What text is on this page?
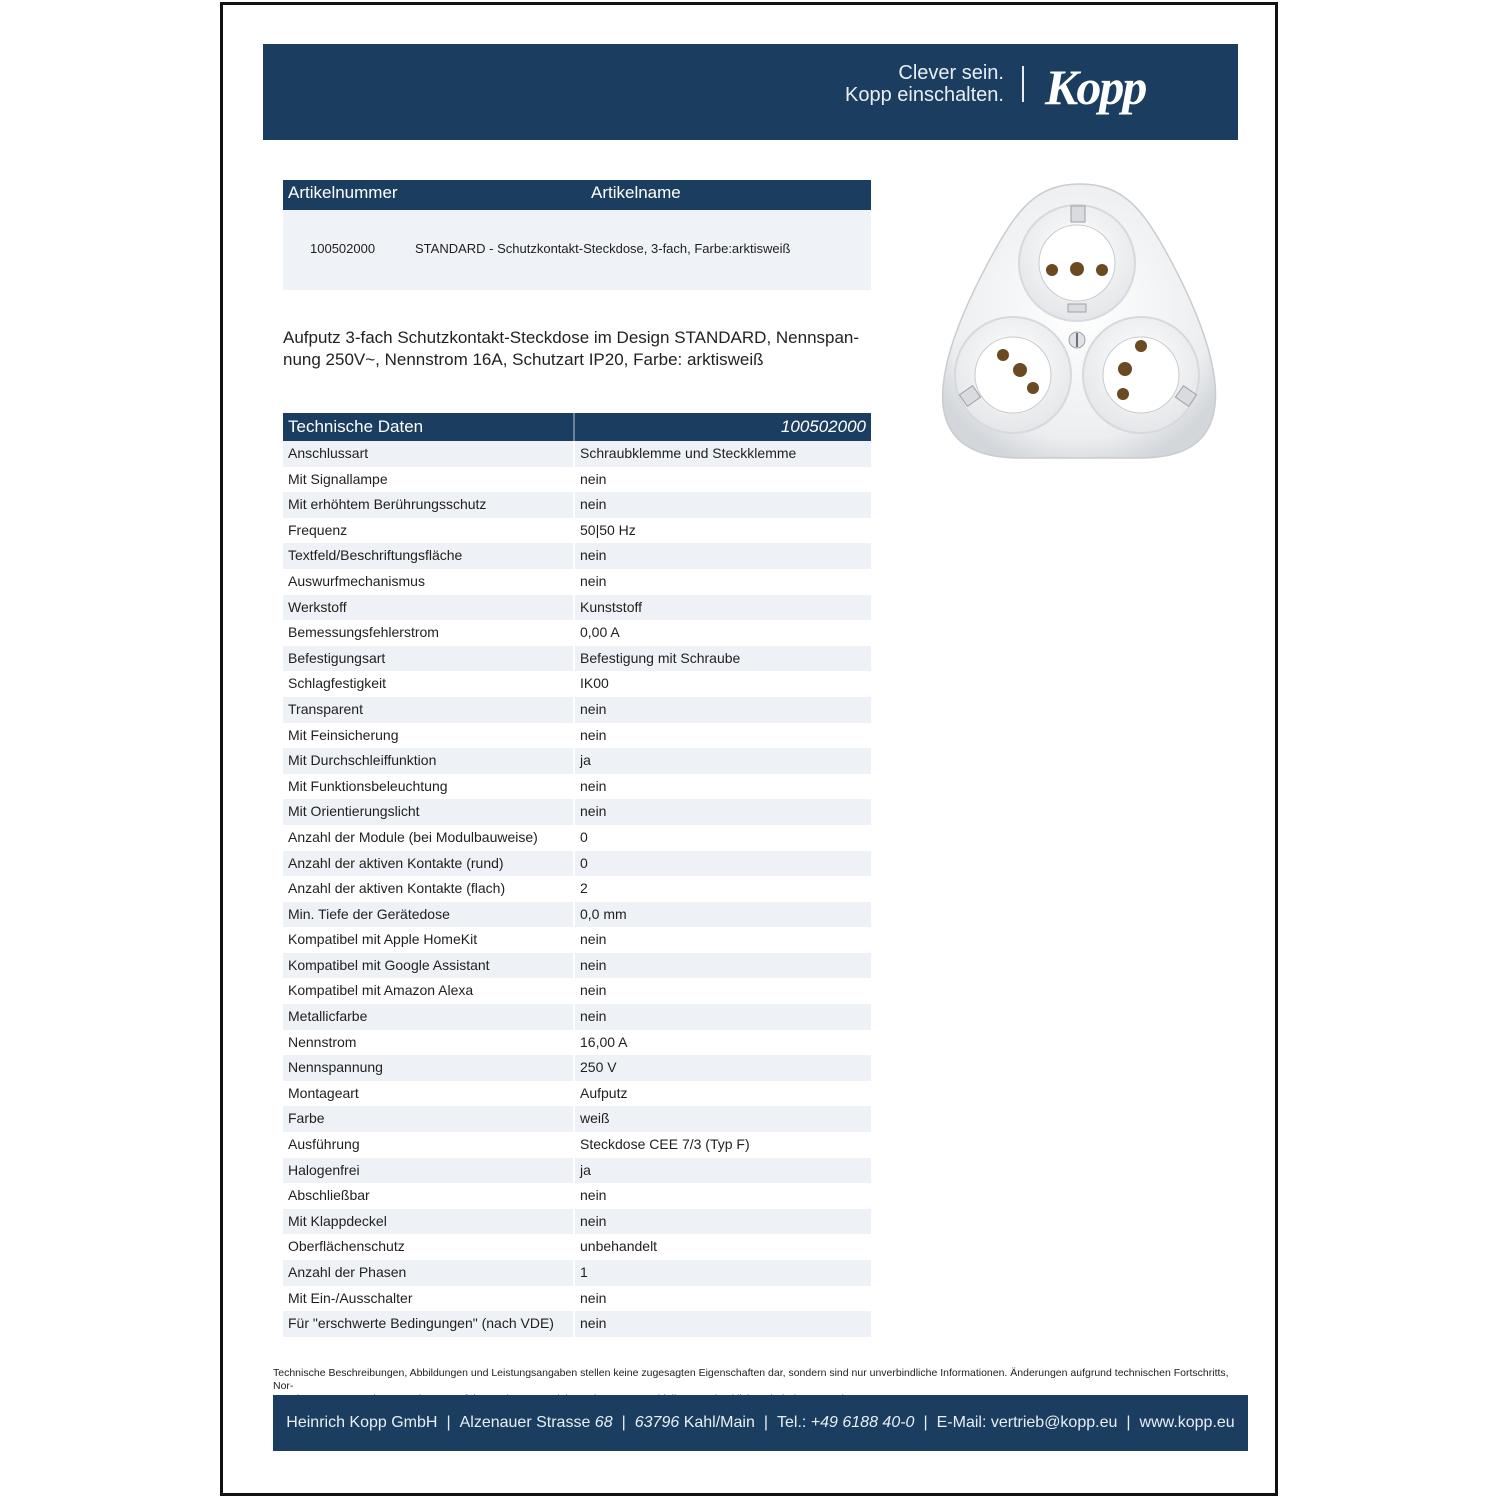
Clever sein.
Kopp einschalten. Kopp
Artikelnummer	Artikelname
100502000	STANDARD - Schutzkontakt-Steckdose, 3-fach, Farbe:arktisweiß
Aufputz 3-fach Schutzkontakt-Steckdose im Design STANDARD, Nennspan-
nung 250V~, Nennstrom 16A, Schutzart IP20, Farbe: arktisweiß
Technische Daten	100502000
Anschlussart	Schraubklemme und Steckklemme
Mit Signallampe	nein
Mit erhöhtem Berührungsschutz	nein
Frequenz	50|50 Hz
Textfeld/Beschriftungsfläche	nein
Auswurfmechanismus	nein
Werkstoff	Kunststoff
Bemessungsfehlerstrom	0,00 A
Befestigungsart	Befestigung mit Schraube
Schlagfestigkeit	IK00
Transparent	nein
Mit Feinsicherung	nein
Mit Durchschleiffunktion	ja
Mit Funktionsbeleuchtung	nein
Mit Orientierungslicht	nein
Anzahl der Module (bei Modulbauweise)	0
Anzahl der aktiven Kontakte (rund)	0
Anzahl der aktiven Kontakte (flach)	2
Min. Tiefe der Gerätedose	0,0 mm
Kompatibel mit Apple HomeKit	nein
Kompatibel mit Google Assistant	nein
Kompatibel mit Amazon Alexa	nein
Metallicfarbe	nein
Nennstrom	16,00 A
Nennspannung	250 V
Montageart	Aufputz
Farbe	weiß
Ausführung	Steckdose CEE 7/3 (Typ F)
Halogenfrei	ja
Abschließbar	nein
Mit Klappdeckel	nein
Oberflächenschutz	unbehandelt
Anzahl der Phasen	1
Mit Ein-/Ausschalter	nein
Für "erschwerte Bedingungen" (nach VDE) nein
Technische Beschreibungen, Abbildungen und Leistungsangaben stellen keine zugesagten Eigenschaften dar, sondern sind nur unverbindliche Informationen. Änderungen aufgrund technischen Fortschritts, Nor-
Heinrich Kopp GmbH | Alzenauer Strasse 68 | 63796 Kahl/Main | Tel.: +49 6188 40-0 | E-Mail: vertrieb@kopp.eu | www.kopp.eu
